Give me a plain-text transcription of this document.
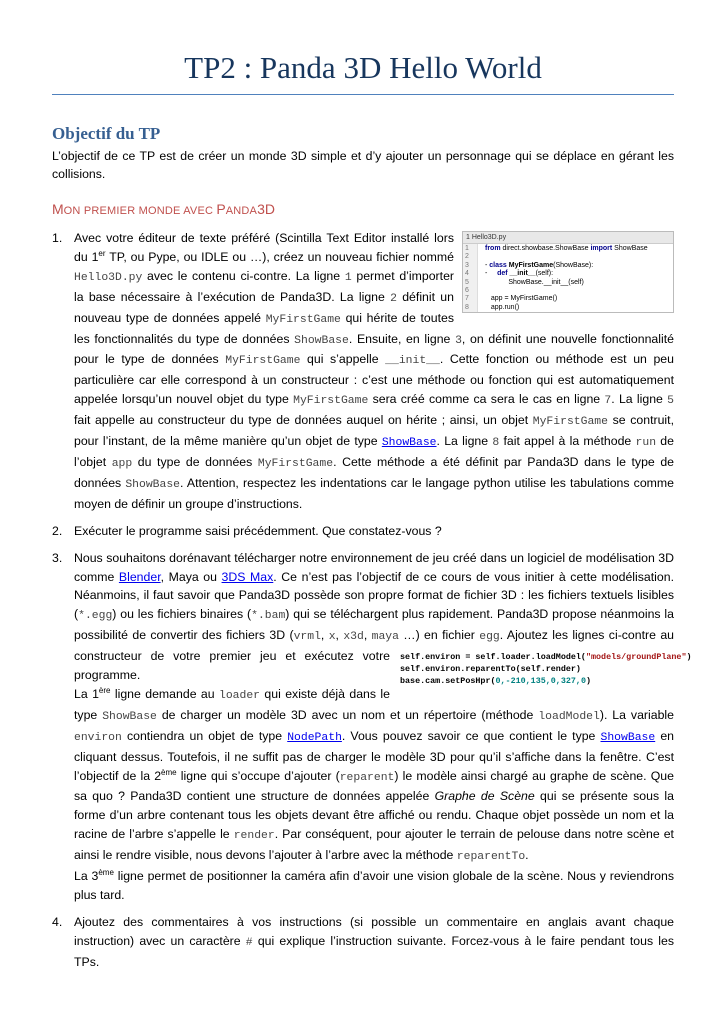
TP2 : Panda 3D Hello World
Objectif du TP

L’objectif de ce TP est de créer un monde 3D simple et d’y ajouter un personnage qui se déplace en gérant les collisions.

MON PREMIER MONDE AVEC PANDA3D
1.	1 Hello3D.py
1 from direct.showbase.ShowBase import ShowBase
2
3 - class MyFirstGame(ShowBase):
4 -     def __init__(self):
5 ShowBase.__init__(self)
6
7 app = MyFirstGame()
8 app.run()

Avec votre éditeur de texte préféré (Scintilla Text Editor installé lors du 1er TP, ou Pype, ou IDLE ou …), créez un nouveau fichier nommé Hello3D.py avec le contenu ci-contre. La ligne 1 permet d’importer la base nécessaire à l’exécution de Panda3D. La ligne 2 définit un nouveau type de données appelé MyFirstGame qui hérite de toutes les fonctionnalités du type de données ShowBase. Ensuite, en ligne 3, on définit une nouvelle fonctionnalité pour le type de données MyFirstGame qui s’appelle __init__. Cette fonction ou méthode est un peu particulière car elle correspond à un constructeur : c’est une méthode ou fonction qui est automatiquement appelée lorsqu’un nouvel objet du type MyFirstGame sera créé comme ca sera le cas en ligne 7. La ligne 5 fait appelle au constructeur du type de données auquel on hérite ; ainsi, un objet MyFirstGame se contruit, pour l’instant, de la même manière qu’un objet de type ShowBase. La ligne 8 fait appel à la méthode run de l’objet app du type de données MyFirstGame. Cette méthode a été définit par Panda3D dans le type de données ShowBase. Attention, respectez les indentations car le langage python utilise les tabulations comme moyen de définir un groupe d’instructions.

2. Exécuter le programme saisi précédemment. Que constatez-vous ?

3. Nous souhaitons dorénavant télécharger notre environnement de jeu créé dans un logiciel de modélisation 3D comme Blender, Maya ou 3DS Max. Ce n’est pas l’objectif de ce cours de vous initier à cette modélisation. Néanmoins, il faut savoir que Panda3D possède son propre format de fichier 3D : les fichiers textuels lisibles (*.egg) ou les fichiers binaires (*.bam) qui se téléchargent plus rapidement. Panda3D propose néanmoins la possibilité de convertir des fichiers 3D (vrml, x, x3d, maya
self.environ = self.loader.loadModel("models/groundPlane")
self.environ.reparentTo(self.render)
base.cam.setPosHpr(0,-210,135,0,327,0)
…) en fichier egg. Ajoutez les lignes ci-contre au constructeur de votre premier jeu et exécutez votre programme.

La 1ère ligne demande au loader qui existe déjà dans le type ShowBase de charger un modèle 3D avec un nom et un répertoire (méthode loadModel). La variable environ contiendra un objet de type NodePath. Vous pouvez savoir ce que contient le type ShowBase en cliquant dessus. Toutefois, il ne suffit pas de charger le modèle 3D pour qu’il s’affiche dans la fenêtre. C’est l’objectif de la 2ème ligne qui s’occupe d’ajouter (reparent) le modèle ainsi chargé au graphe de scène. Que sa quo ? Panda3D contient une structure de données appelée Graphe de Scène qui se présente sous la forme d’un arbre contenant tous les objets devant être affiché ou rendu. Chaque objet possède un nom et la racine de l’arbre s’appelle le render. Par conséquent, pour ajouter le terrain de pelouse dans notre scène et ainsi le rendre visible, nous devons l’ajouter à l’arbre avec la méthode reparentTo.

La 3ème ligne permet de positionner la caméra afin d’avoir une vision globale de la scène. Nous y reviendrons plus tard.

4. Ajoutez des commentaires à vos instructions (si possible un commentaire en anglais avant chaque instruction) avec un caractère # qui explique l’instruction suivante. Forcez-vous à le faire pendant tous les TPs.
